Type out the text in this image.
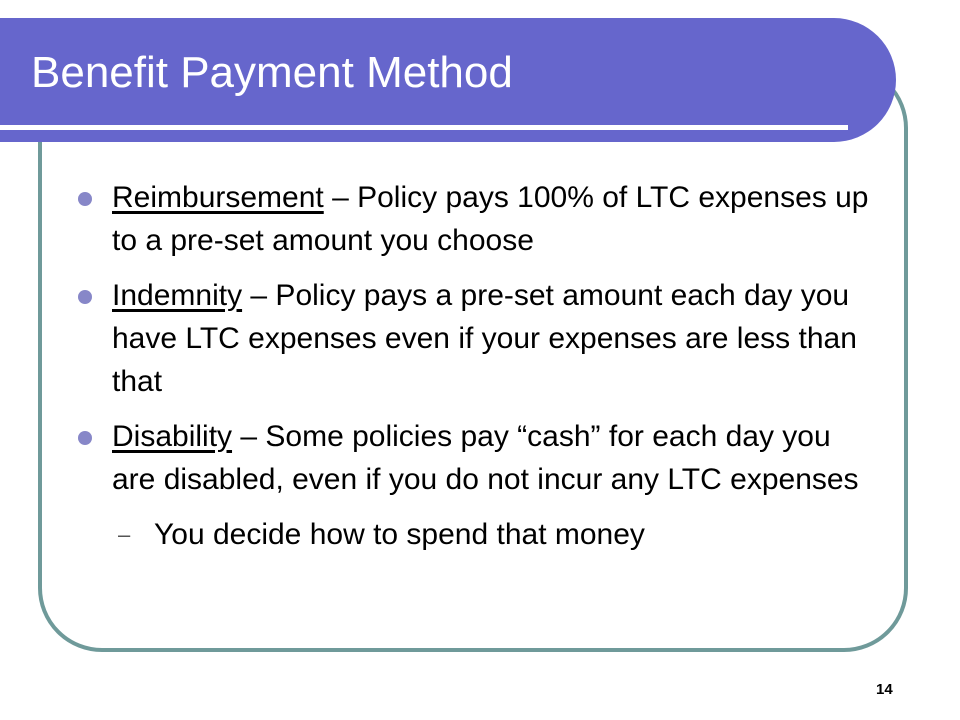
Benefit Payment Method
Reimbursement – Policy pays 100% of LTC expenses up to a pre-set amount you choose
Indemnity – Policy pays a pre-set amount each day you have LTC expenses even if your expenses are less than that
Disability – Some policies pay “cash” for each day you are disabled, even if you do not incur any LTC expenses
– You decide how to spend that money
14
